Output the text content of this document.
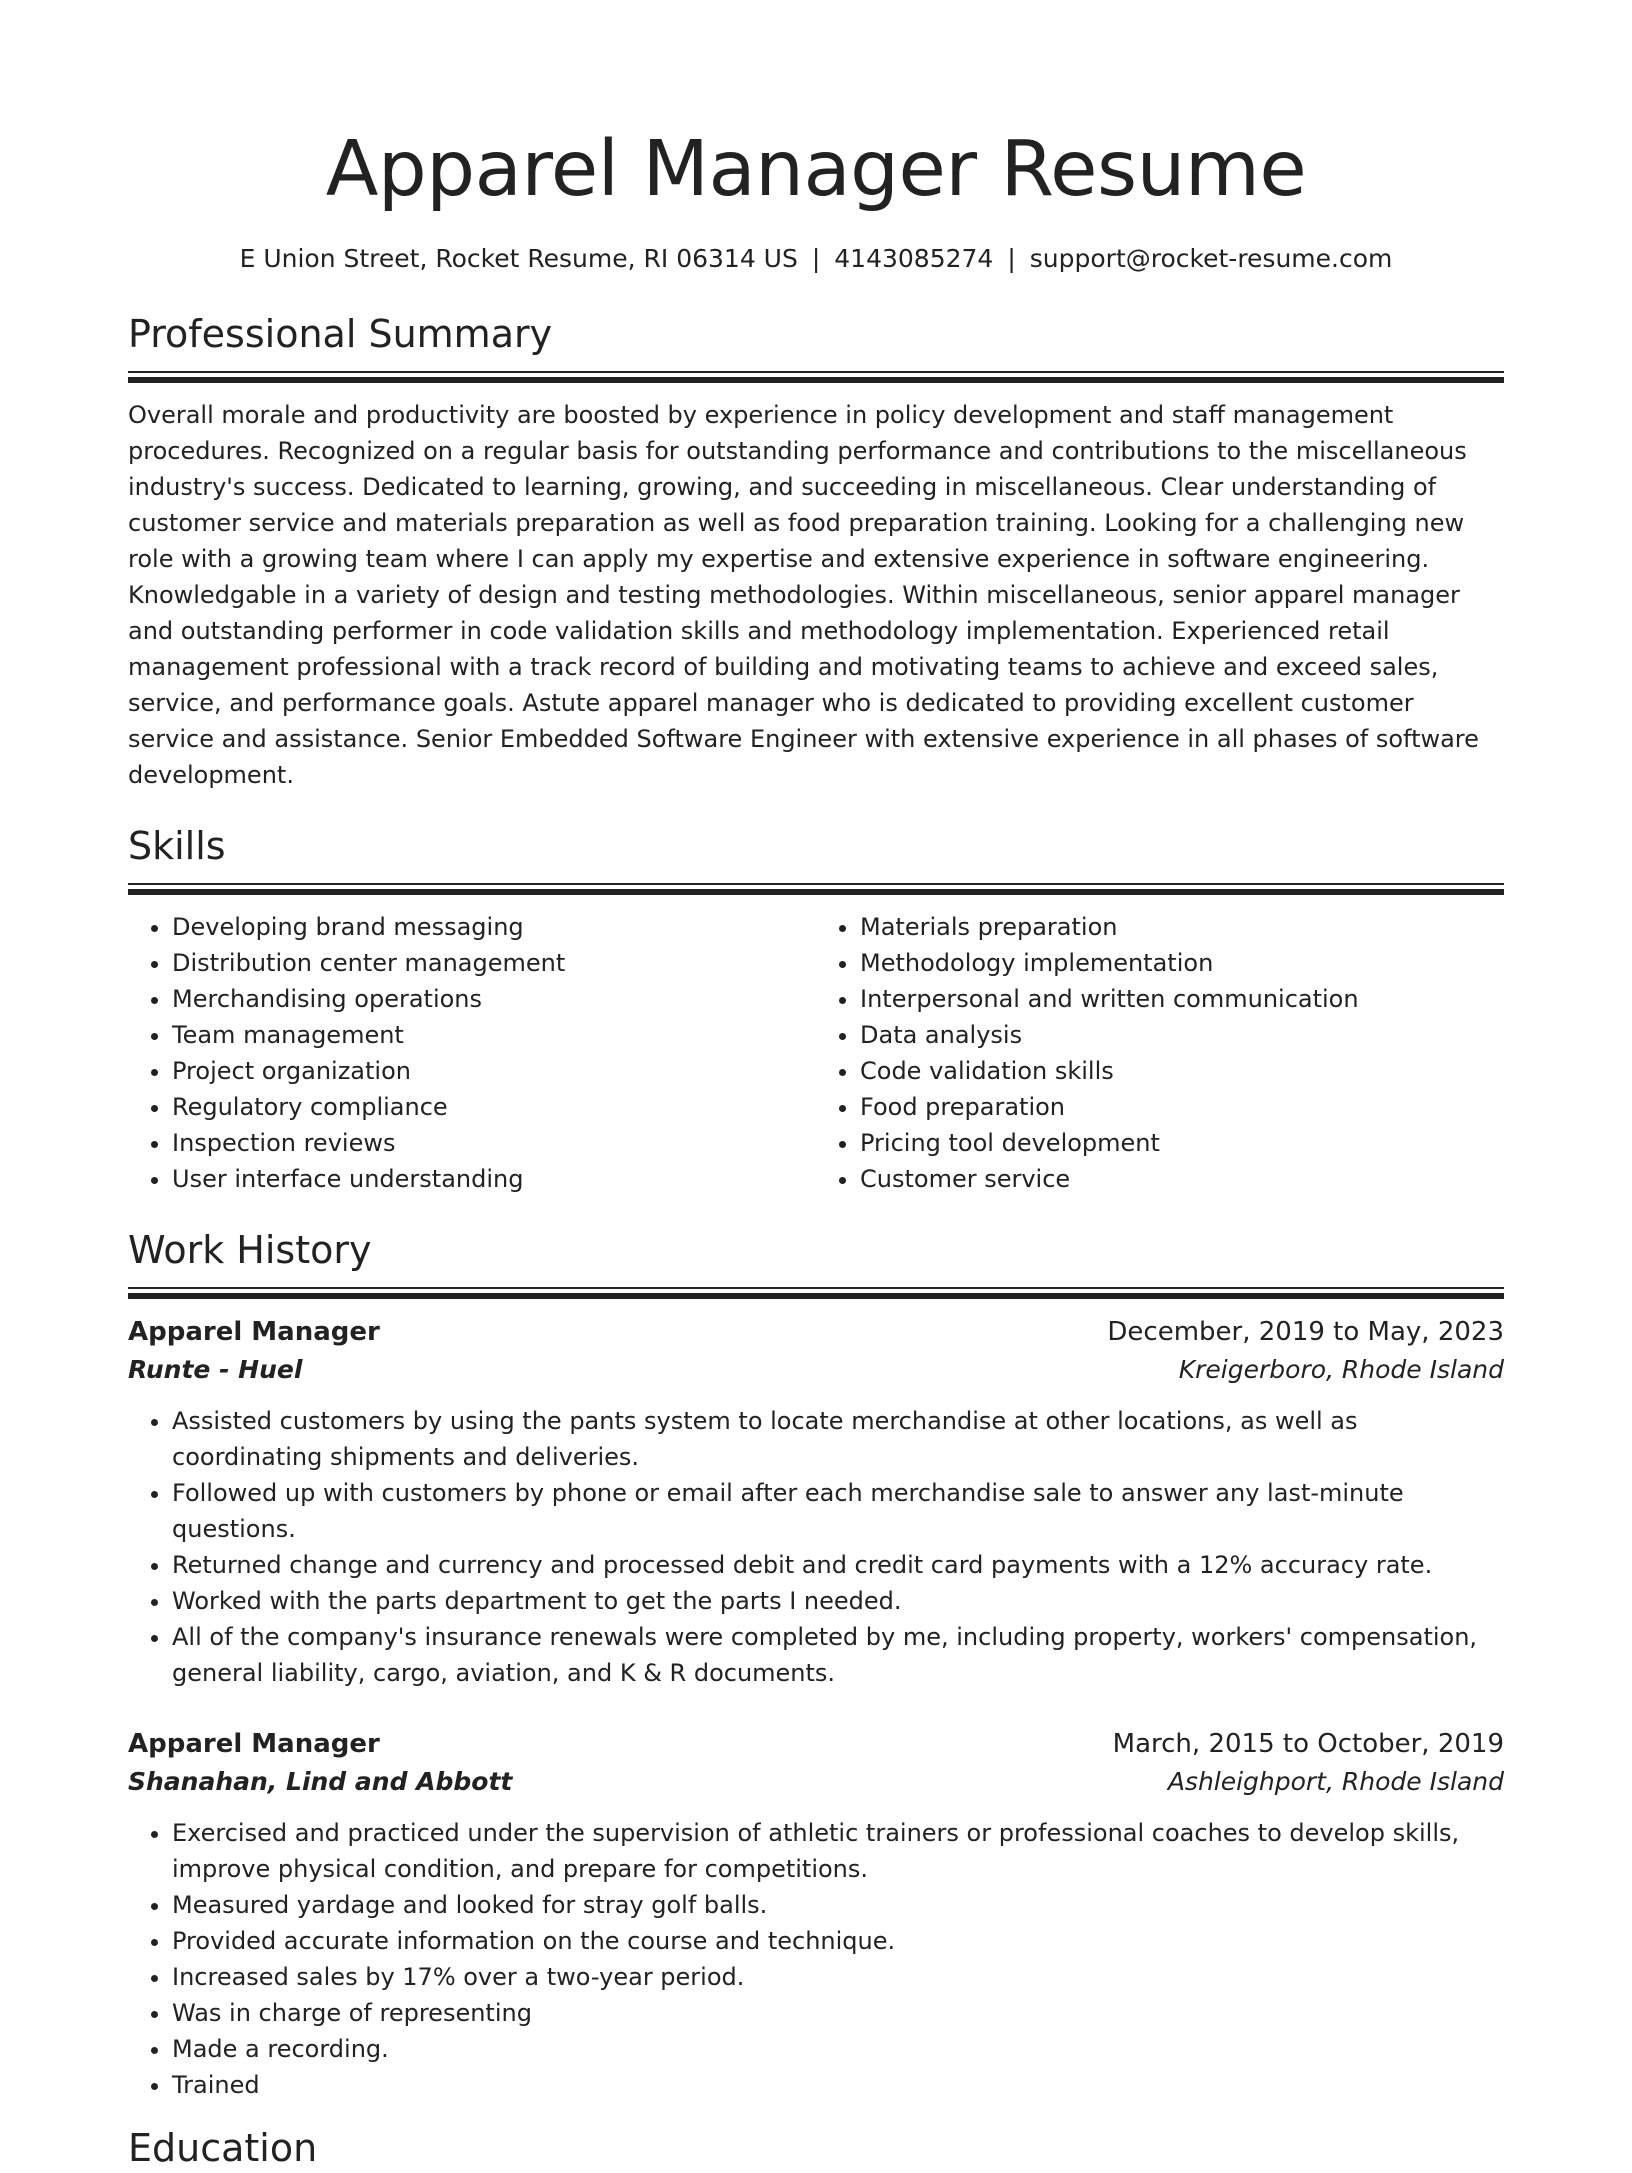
Apparel Manager Resume
E Union Street, Rocket Resume, RI 06314 US | 4143085274 | support@rocket-resume.com
Professional Summary

Overall morale and productivity are boosted by experience in policy development and staff management procedures. Recognized on a regular basis for outstanding performance and contributions to the miscellaneous industry's success. Dedicated to learning, growing, and succeeding in miscellaneous. Clear understanding of customer service and materials preparation as well as food preparation training. Looking for a challenging new role with a growing team where I can apply my expertise and extensive experience in software engineering. Knowledgable in a variety of design and testing methodologies. Within miscellaneous, senior apparel manager and outstanding performer in code validation skills and methodology implementation. Experienced retail management professional with a track record of building and motivating teams to achieve and exceed sales, service, and performance goals. Astute apparel manager who is dedicated to providing excellent customer service and assistance. Senior Embedded Software Engineer with extensive experience in all phases of software development.

Skills
• Developing brand messaging
• Distribution center management
• Merchandising operations
• Team management
• Project organization
• Regulatory compliance
• Inspection reviews
• User interface understanding
• Materials preparation
• Methodology implementation
• Interpersonal and written communication
• Data analysis
• Code validation skills
• Food preparation
• Pricing tool development
• Customer service
Work History
Apparel Manager	December, 2019 to May, 2023
Runte - Huel	Kreigerboro, Rhode Island
• Assisted customers by using the pants system to locate merchandise at other locations, as well as coordinating shipments and deliveries.
• Followed up with customers by phone or email after each merchandise sale to answer any last-minute questions.
• Returned change and currency and processed debit and credit card payments with a 12% accuracy rate.
• Worked with the parts department to get the parts I needed.
• All of the company's insurance renewals were completed by me, including property, workers' compensation, general liability, cargo, aviation, and K & R documents.
Apparel Manager	March, 2015 to October, 2019
Shanahan, Lind and Abbott	Ashleighport, Rhode Island
• Exercised and practiced under the supervision of athletic trainers or professional coaches to develop skills, improve physical condition, and prepare for competitions.
• Measured yardage and looked for stray golf balls.
• Provided accurate information on the course and technique.
• Increased sales by 17% over a two-year period.
• Was in charge of representing
• Made a recording.
• Trained
Education
